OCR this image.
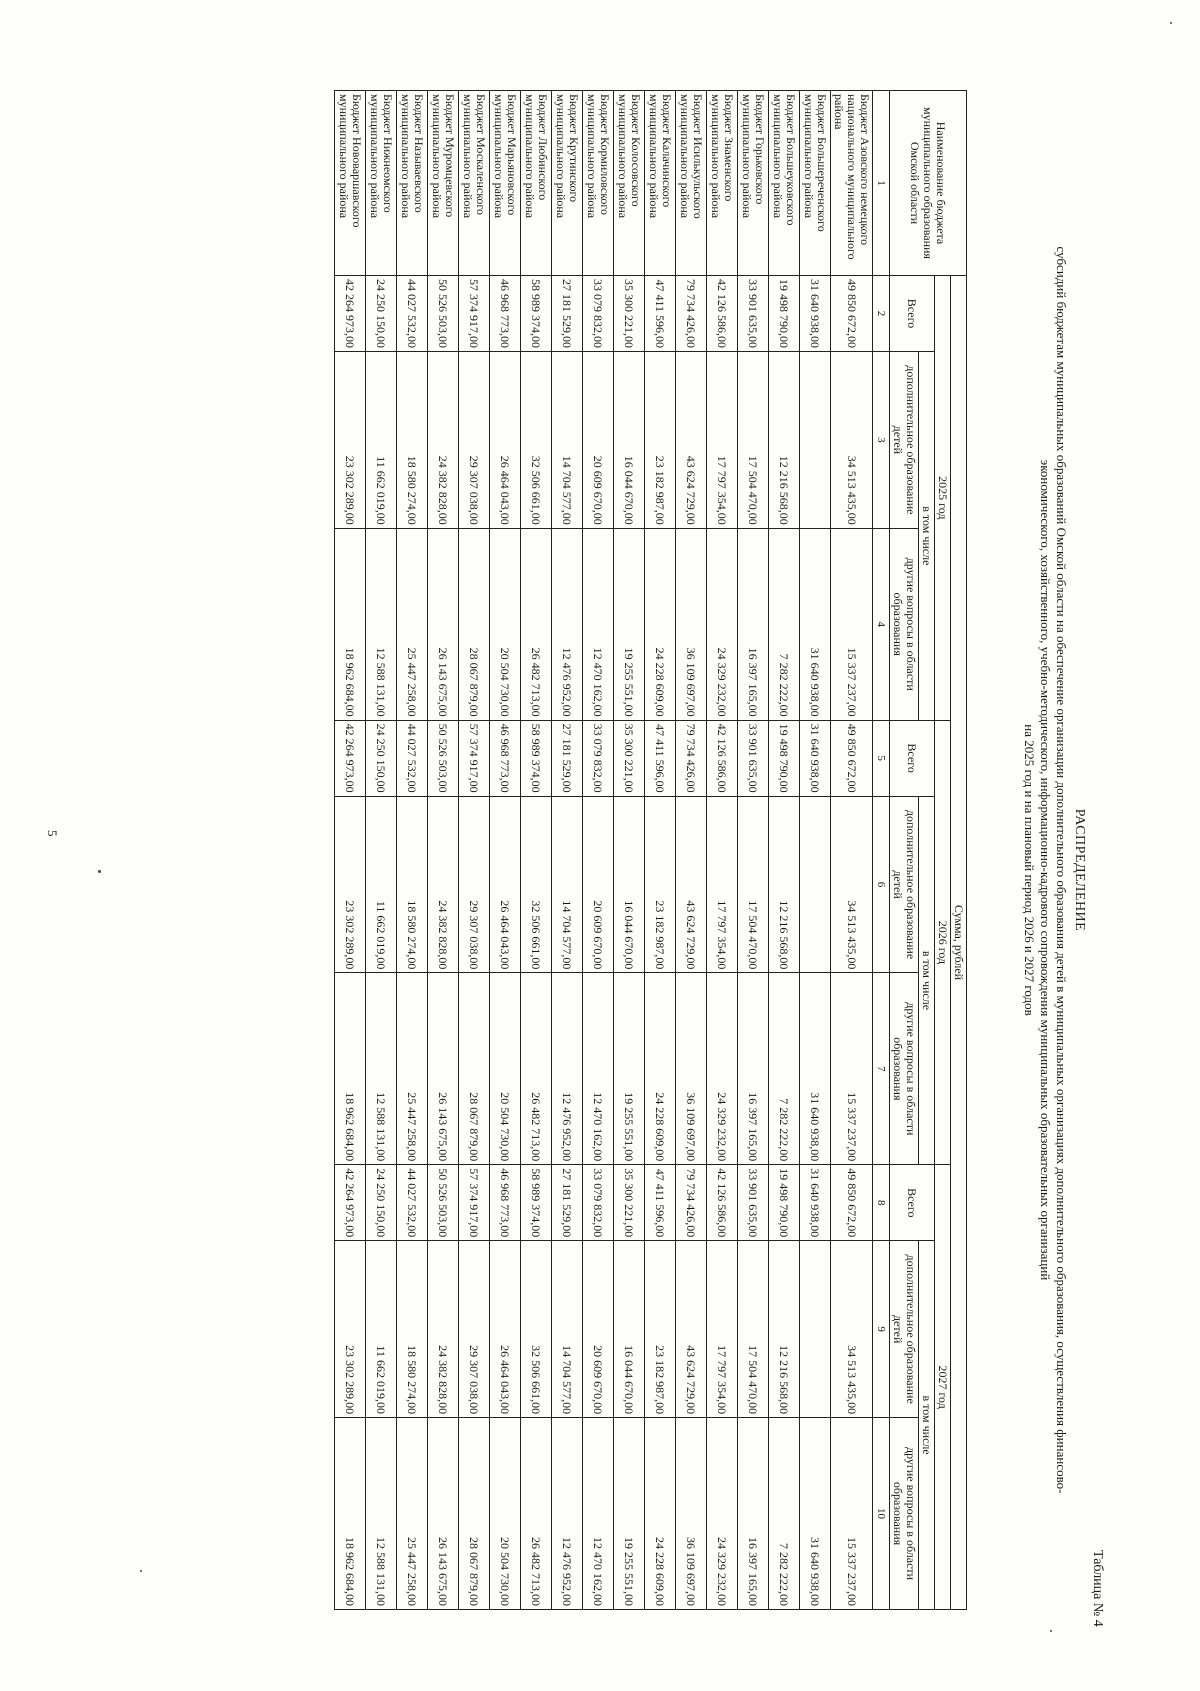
5
Таблица № 4
РАСПРЕДЕЛЕНИЕ
субсидий бюджетам муниципальных образований Омской области на обеспечение организации дополнительного образования детей в муниципальных организациях дополнительного образования, осуществления финансово-
экономического, хозяйственного, учебно-методического, информационно-кадрового сопровождения муниципальных образовательных организаций
на 2025 год и на плановый период 2026 и 2027 годов
Наименование бюджета муниципального образования Омской области	Сумма, рублей								
	2025 год			2026 год			2027 год		
	Всего	в том числе		Всего	в том числе		Всего	в том числе	
		дополнительное образование детей	другие вопросы в области образования		дополнительное образование детей	другие вопросы в области образования		дополнительное образование детей	другие вопросы в области образования
1	2	3	4	5	6	7	8	9	10
Бюджет Азовского немецкого национального муниципального района	49 850 672,00	34 513 435,00	15 337 237,00	49 850 672,00	34 513 435,00	15 337 237,00	49 850 672,00	34 513 435,00	15 337 237,00
Бюджет Большереченского муниципального района	31 640 938,00		31 640 938,00	31 640 938,00		31 640 938,00	31 640 938,00		31 640 938,00
Бюджет Большеуковского муниципального района	19 498 790,00	12 216 568,00	7 282 222,00	19 498 790,00	12 216 568,00	7 282 222,00	19 498 790,00	12 216 568,00	7 282 222,00
Бюджет Горьковского муниципального района	33 901 635,00	17 504 470,00	16 397 165,00	33 901 635,00	17 504 470,00	16 397 165,00	33 901 635,00	17 504 470,00	16 397 165,00
Бюджет Знаменского муниципального района	42 126 586,00	17 797 354,00	24 329 232,00	42 126 586,00	17 797 354,00	24 329 232,00	42 126 586,00	17 797 354,00	24 329 232,00
Бюджет Исилькульского муниципального района	79 734 426,00	43 624 729,00	36 109 697,00	79 734 426,00	43 624 729,00	36 109 697,00	79 734 426,00	43 624 729,00	36 109 697,00
Бюджет Калачинского муниципального района	47 411 596,00	23 182 987,00	24 228 609,00	47 411 596,00	23 182 987,00	24 228 609,00	47 411 596,00	23 182 987,00	24 228 609,00
Бюджет Колосовского муниципального района	35 300 221,00	16 044 670,00	19 255 551,00	35 300 221,00	16 044 670,00	19 255 551,00	35 300 221,00	16 044 670,00	19 255 551,00
Бюджет Кормиловского муниципального района	33 079 832,00	20 609 670,00	12 470 162,00	33 079 832,00	20 609 670,00	12 470 162,00	33 079 832,00	20 609 670,00	12 470 162,00
Бюджет Крутинского муниципального района	27 181 529,00	14 704 577,00	12 476 952,00	27 181 529,00	14 704 577,00	12 476 952,00	27 181 529,00	14 704 577,00	12 476 952,00
Бюджет Любинского муниципального района	58 989 374,00	32 506 661,00	26 482 713,00	58 989 374,00	32 506 661,00	26 482 713,00	58 989 374,00	32 506 661,00	26 482 713,00
Бюджет Марьяновского муниципального района	46 968 773,00	26 464 043,00	20 504 730,00	46 968 773,00	26 464 043,00	20 504 730,00	46 968 773,00	26 464 043,00	20 504 730,00
Бюджет Москаленского муниципального района	57 374 917,00	29 307 038,00	28 067 879,00	57 374 917,00	29 307 038,00	28 067 879,00	57 374 917,00	29 307 038,00	28 067 879,00
Бюджет Муромцевского муниципального района	50 526 503,00	24 382 828,00	26 143 675,00	50 526 503,00	24 382 828,00	26 143 675,00	50 526 503,00	24 382 828,00	26 143 675,00
Бюджет Называевского муниципального района	44 027 532,00	18 580 274,00	25 447 258,00	44 027 532,00	18 580 274,00	25 447 258,00	44 027 532,00	18 580 274,00	25 447 258,00
Бюджет Нижнеомского муниципального района	24 250 150,00	11 662 019,00	12 588 131,00	24 250 150,00	11 662 019,00	12 588 131,00	24 250 150,00	11 662 019,00	12 588 131,00
Бюджет Нововаршавского муниципального района	42 264 973,00	23 302 289,00	18 962 684,00	42 264 973,00	23 302 289,00	18 962 684,00	42 264 973,00	23 302 289,00	18 962 684,00
